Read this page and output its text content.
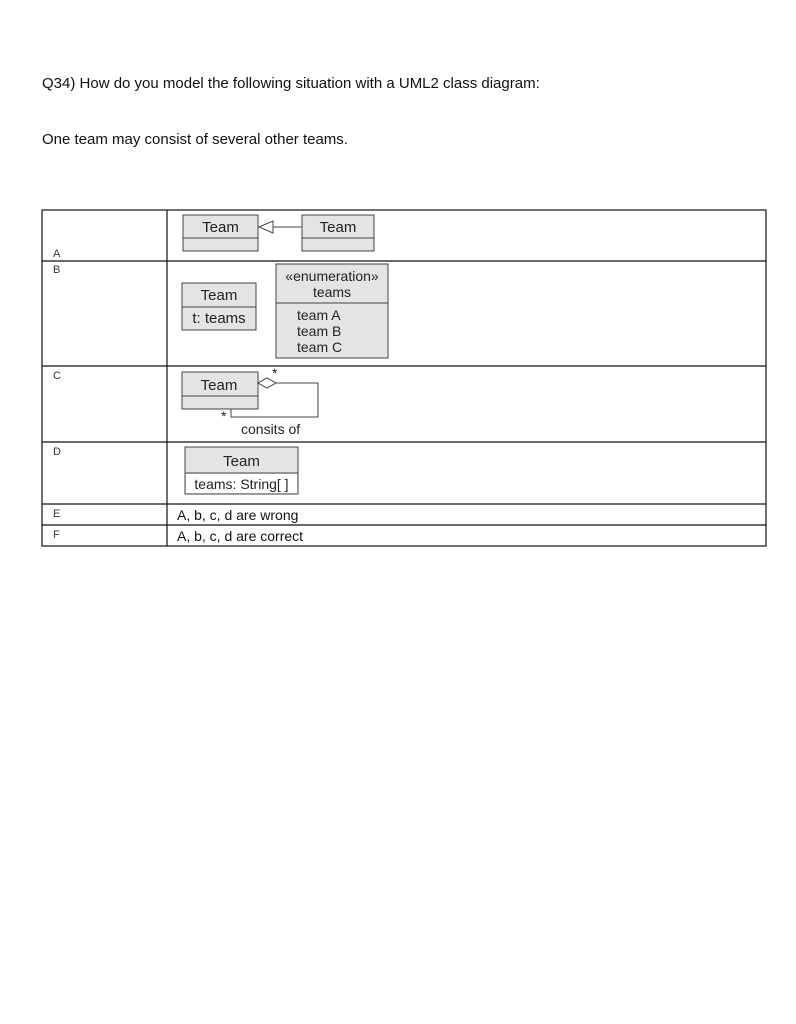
Q34) How do you model the following situation with a UML2 class diagram:
One team may consist of several other teams.
Team	Team
Team
t: teams
«enumeration»
teams
team A
team B
team C
Team
*
*
consits of
Team
teams: String[ ]
A
B
C
D
E
F
A, b, c, d are wrong
A, b, c, d are correct
